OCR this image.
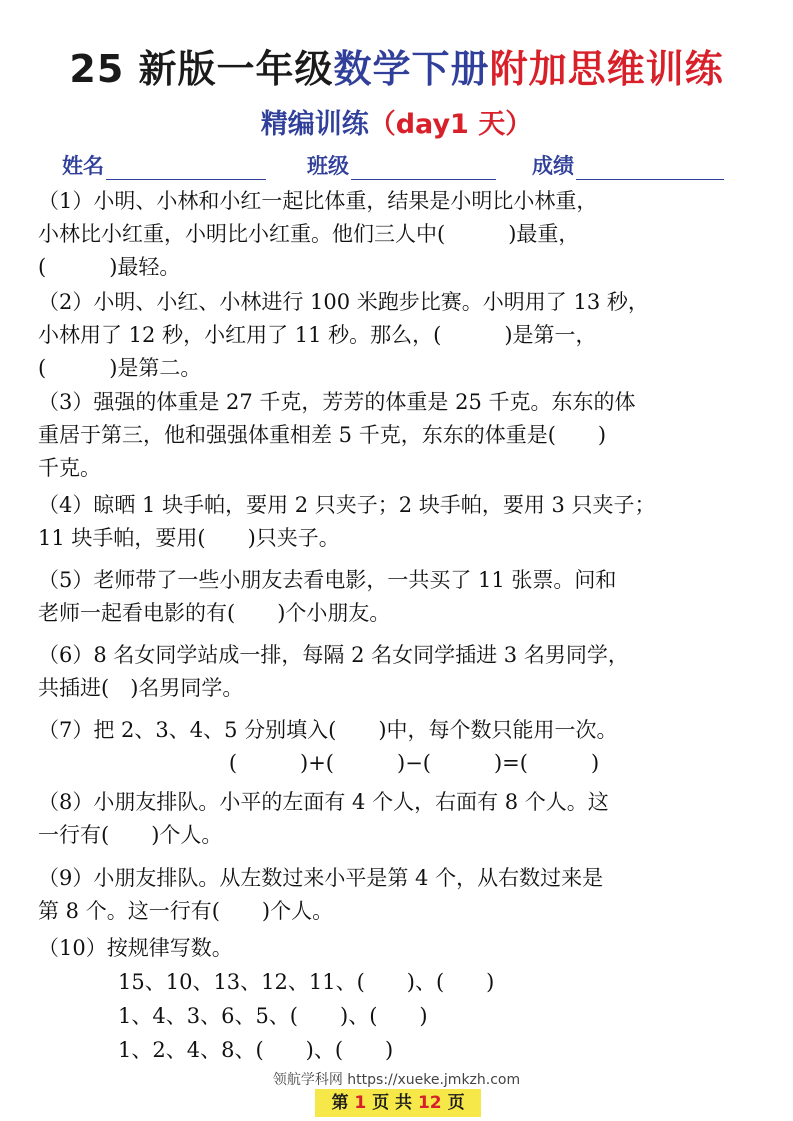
25 新版一年级数学下册附加思维训练
精编训练（day1 天）
姓名	班级	成绩
（1）小明、小林和小红一起比体重，结果是小明比小林重，
小林比小红重，小明比小红重。他们三人中(　　　)最重，
(　　　)最轻。
（2）小明、小红、小林进行 100 米跑步比赛。小明用了 13 秒，
小林用了 12 秒，小红用了 11 秒。那么，(　　　)是第一，
(　　　)是第二。
（3）强强的体重是 27 千克，芳芳的体重是 25 千克。东东的体
重居于第三，他和强强体重相差 5 千克，东东的体重是(　　)
千克。
（4）晾晒 1 块手帕，要用 2 只夹子；2 块手帕，要用 3 只夹子；
11 块手帕，要用(　　)只夹子。
（5）老师带了一些小朋友去看电影，一共买了 11 张票。问和
老师一起看电影的有(　　)个小朋友。
（6）8 名女同学站成一排，每隔 2 名女同学插进 3 名男同学，
共插进(　)名男同学。
（7）把 2、3、4、5 分别填入(　　)中，每个数只能用一次。
(　　　)+(　　　)−(　　　)=(　　　)
（8）小朋友排队。小平的左面有 4 个人，右面有 8 个人。这
一行有(　　)个人。
（9）小朋友排队。从左数过来小平是第 4 个，从右数过来是
第 8 个。这一行有(　　)个人。
（10）按规律写数。
15、10、13、12、11、(　　)、(　　)
1、4、3、6、5、(　　)、(　　)
1、2、4、8、(　　)、(　　)
领航学科网 https://xueke.jmkzh.com
第 1 页 共 12 页
